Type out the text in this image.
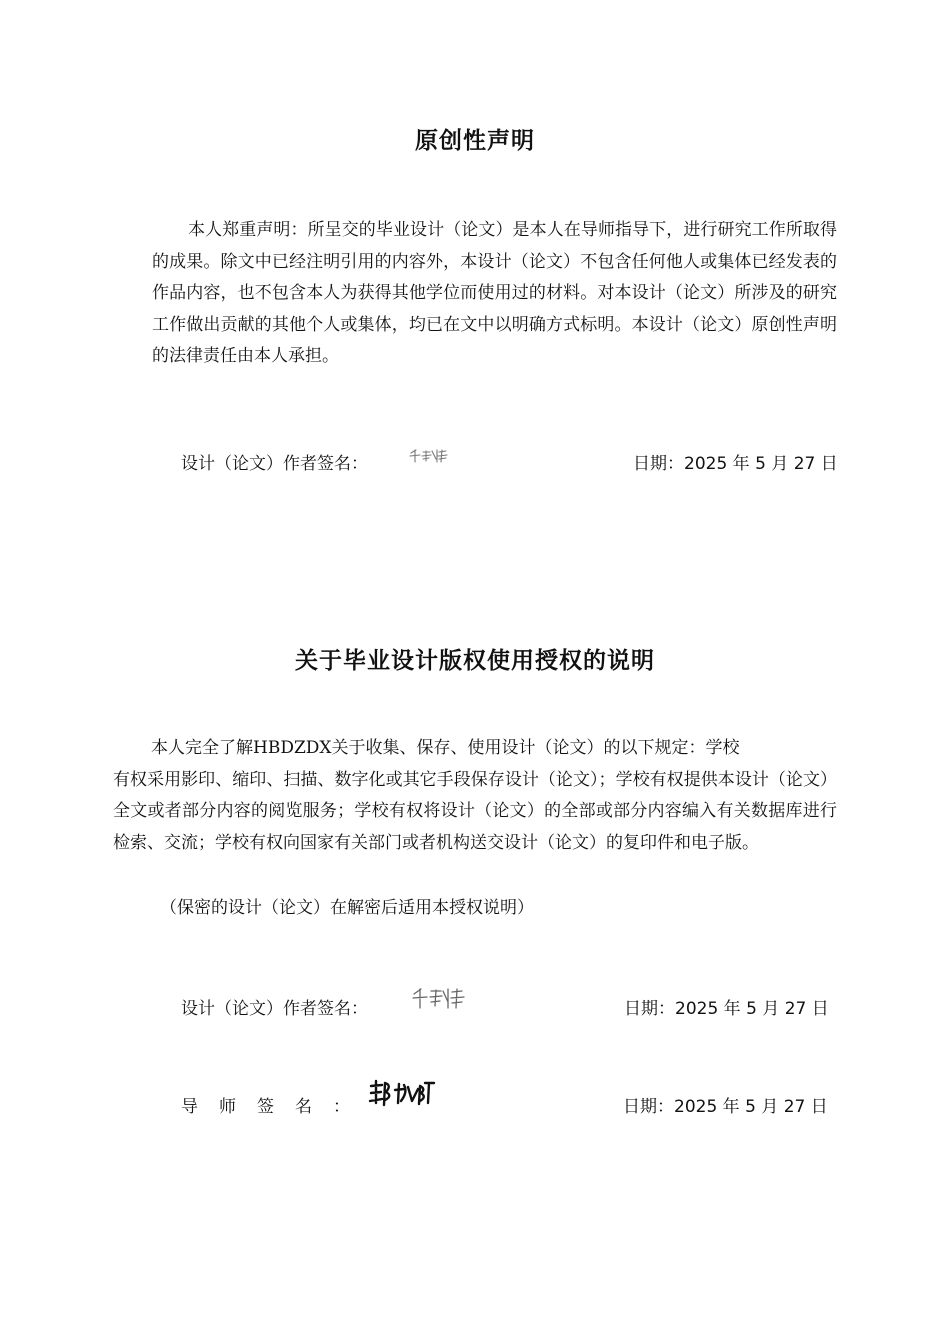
原创性声明

本人郑重声明：所呈交的毕业设计（论文）是本人在导师指导下，进行研究工作所取得的成果。除文中已经注明引用的内容外，本设计（论文）不包含任何他人或集体已经发表的作品内容，也不包含本人为获得其他学位而使用过的材料。对本设计（论文）所涉及的研究工作做出贡献的其他个人或集体，均已在文中以明确方式标明。本设计（论文）原创性声明的法律责任由本人承担。

设计（论文）作者签名：	日期：2025 年 5 月 27 日
关于毕业设计版权使用授权的说明

本人完全了解HBDZDX关于收集、保存、使用设计（论文）的以下规定：学校
有权采用影印、缩印、扫描、数字化或其它手段保存设计（论文）；学校有权提供本设计（论文）全文或者部分内容的阅览服务；学校有权将设计（论文）的全部或部分内容编入有关数据库进行检索、交流；学校有权向国家有关部门或者机构送交设计（论文）的复印件和电子版。

（保密的设计（论文）在解密后适用本授权说明）

设计（论文）作者签名：	日期：2025 年 5 月 27 日
导师签名：	日期：2025 年 5 月 27 日
